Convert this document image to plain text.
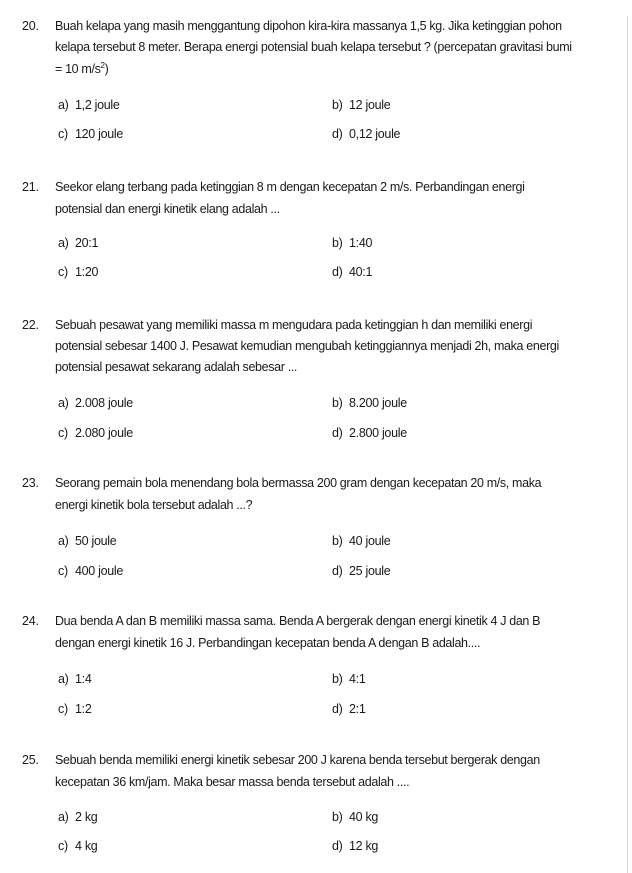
20. Buah kelapa yang masih menggantung dipohon kira-kira massanya 1,5 kg. Jika ketinggian pohon
kelapa tersebut 8 meter. Berapa energi potensial buah kelapa tersebut ? (percepatan gravitasi bumi
= 10 $m/s^2$)
a) 1,2 joule	b) 12 joule
c) 120 joule	d) 0,12 joule
21. Seekor elang terbang pada ketinggian 8 m dengan kecepatan 2 m/s. Perbandingan energi
potensial dan energi kinetik elang adalah ...
a) 20:1	b) 1:40
c) 1:20	d) 40:1
22. Sebuah pesawat yang memiliki massa m mengudara pada ketinggian h dan memiliki energi
potensial sebesar 1400 J. Pesawat kemudian mengubah ketinggiannya menjadi 2h, maka energi
potensial pesawat sekarang adalah sebesar ...
a) 2.008 joule	b) 8.200 joule
c) 2.080 joule	d) 2.800 joule
23. Seorang pemain bola menendang bola bermassa 200 gram dengan kecepatan 20 m/s, maka
energi kinetik bola tersebut adalah ...?
a) 50 joule	b) 40 joule
c) 400 joule	d) 25 joule
24. Dua benda A dan B memiliki massa sama. Benda A bergerak dengan energi kinetik 4 J dan B
dengan energi kinetik 16 J. Perbandingan kecepatan benda A dengan B adalah....
a) 1:4	b) 4:1
c) 1:2	d) 2:1
25. Sebuah benda memiliki energi kinetik sebesar 200 J karena benda tersebut bergerak dengan
kecepatan 36 km/jam. Maka besar massa benda tersebut adalah ....
a) 2 kg	b) 40 kg
c) 4 kg	d) 12 kg
